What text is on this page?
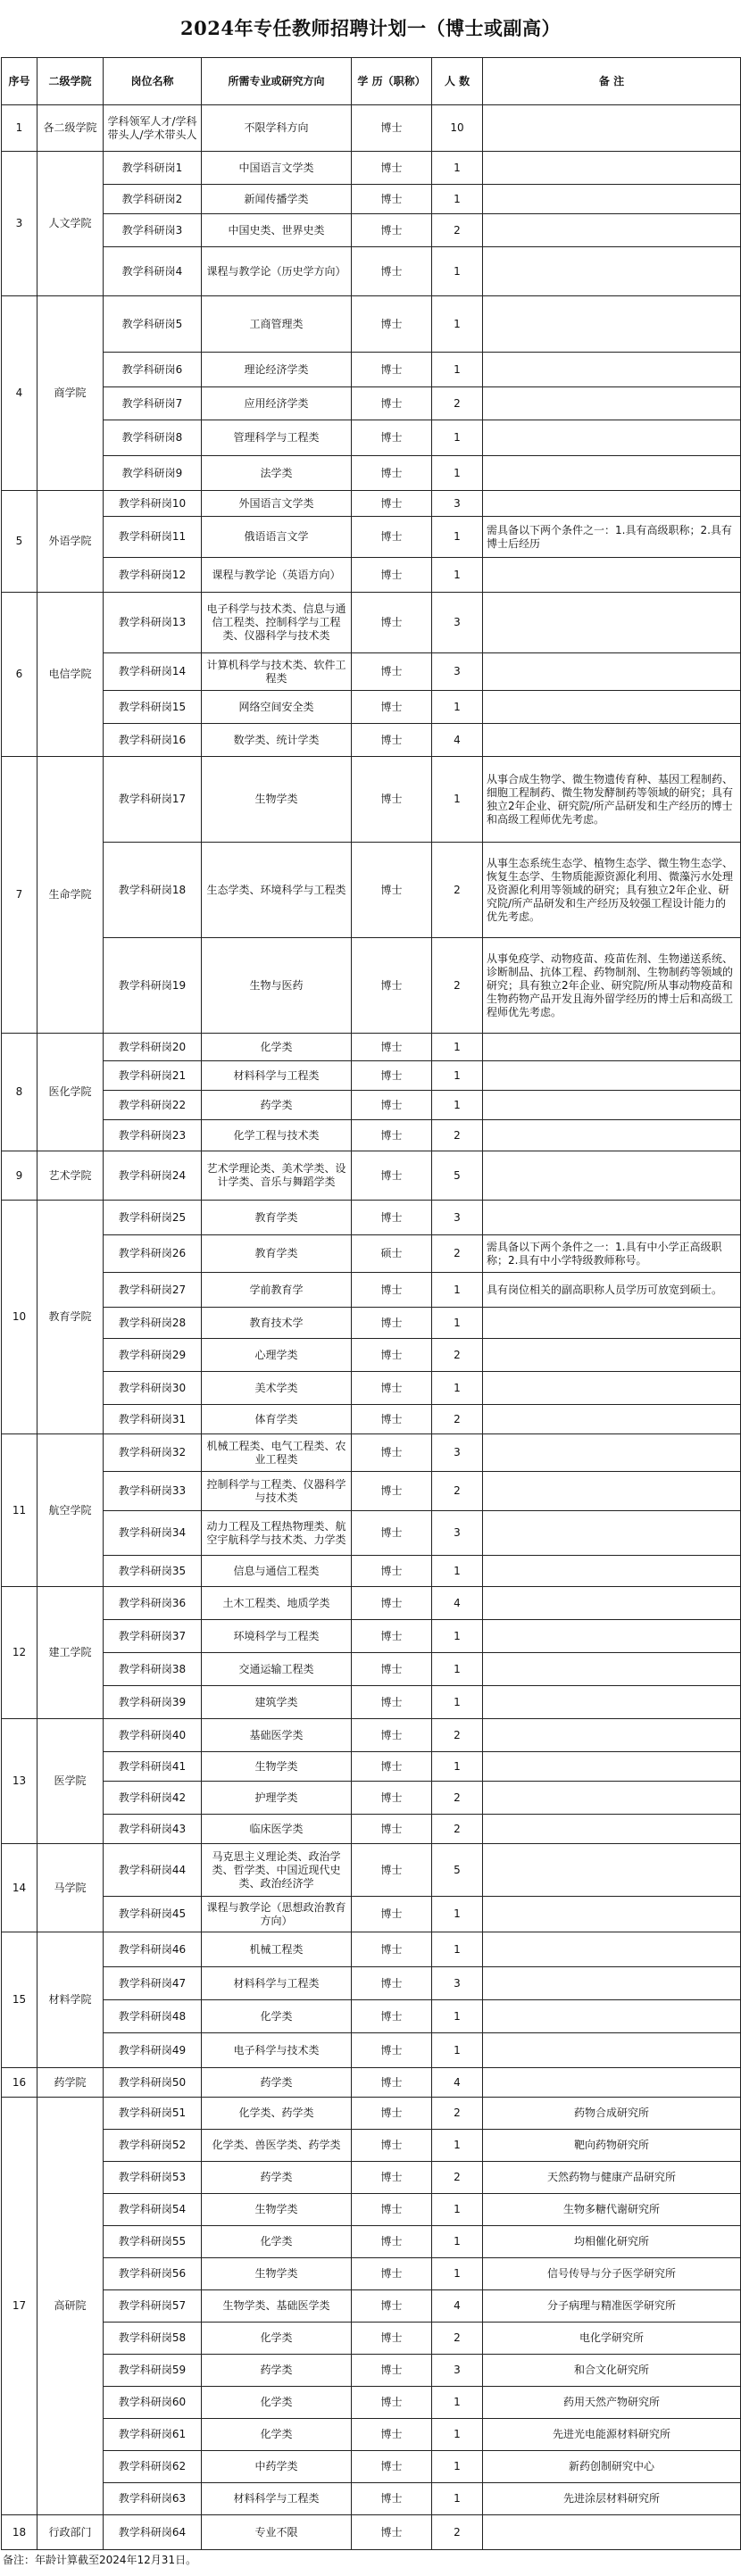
2024年专任教师招聘计划一（博士或副高）
序号	二级学院	岗位名称	所需专业或研究方向	学 历（职称）	人 数	备 注
1	各二级学院	学科领军人才/学科带头人/学术带头人	不限学科方向	博士	10	
3	人文学院	教学科研岗1	中国语言文学类	博士	1	
		教学科研岗2	新闻传播学类	博士	1	
		教学科研岗3	中国史类、世界史类	博士	2	
		教学科研岗4	课程与教学论（历史学方向）	博士	1	
4	商学院	教学科研岗5	工商管理类	博士	1	
		教学科研岗6	理论经济学类	博士	1	
		教学科研岗7	应用经济学类	博士	2	
		教学科研岗8	管理科学与工程类	博士	1	
		教学科研岗9	法学类	博士	1	
5	外语学院	教学科研岗10	外国语言文学类	博士	3	
		教学科研岗11	俄语语言文学	博士	1	需具备以下两个条件之一：1.具有高级职称；2.具有博士后经历
		教学科研岗12	课程与教学论（英语方向）	博士	1	
6	电信学院	教学科研岗13	电子科学与技术类、信息与通信工程类、控制科学与工程类、仪器科学与技术类	博士	3	
		教学科研岗14	计算机科学与技术类、软件工程类	博士	3	
		教学科研岗15	网络空间安全类	博士	1	
		教学科研岗16	数学类、统计学类	博士	4	
7	生命学院	教学科研岗17	生物学类	博士	1	从事合成生物学、微生物遗传育种、基因工程制药、细胞工程制药、微生物发酵制药等领域的研究；具有独立2年企业、研究院/所产品研发和生产经历的博士和高级工程师优先考虑。
		教学科研岗18	生态学类、环境科学与工程类	博士	2	从事生态系统生态学、植物生态学、微生物生态学、恢复生态学、生物质能源资源化利用、微藻污水处理及资源化利用等领域的研究；具有独立2年企业、研究院/所产品研发和生产经历及较强工程设计能力的优先考虑。
		教学科研岗19	生物与医药	博士	2	从事免疫学、动物疫苗、疫苗佐剂、生物递送系统、诊断制品、抗体工程、药物制剂、生物制药等领域的研究；具有独立2年企业、研究院/所从事动物疫苗和生物药物产品开发且海外留学经历的博士后和高级工程师优先考虑。
8	医化学院	教学科研岗20	化学类	博士	1	
		教学科研岗21	材料科学与工程类	博士	1	
		教学科研岗22	药学类	博士	1	
		教学科研岗23	化学工程与技术类	博士	2	
9	艺术学院	教学科研岗24	艺术学理论类、美术学类、设计学类、音乐与舞蹈学类	博士	5	
10	教育学院	教学科研岗25	教育学类	博士	3	
		教学科研岗26	教育学类	硕士	2	需具备以下两个条件之一：1.具有中小学正高级职称；2.具有中小学特级教师称号。
		教学科研岗27	学前教育学	博士	1	具有岗位相关的副高职称人员学历可放宽到硕士。
		教学科研岗28	教育技术学	博士	1	
		教学科研岗29	心理学类	博士	2	
		教学科研岗30	美术学类	博士	1	
		教学科研岗31	体育学类	博士	2	
11	航空学院	教学科研岗32	机械工程类、电气工程类、农业工程类	博士	3	
		教学科研岗33	控制科学与工程类、仪器科学与技术类	博士	2	
		教学科研岗34	动力工程及工程热物理类、航空宇航科学与技术类、力学类	博士	3	
		教学科研岗35	信息与通信工程类	博士	1	
12	建工学院	教学科研岗36	土木工程类、地质学类	博士	4	
		教学科研岗37	环境科学与工程类	博士	1	
		教学科研岗38	交通运输工程类	博士	1	
		教学科研岗39	建筑学类	博士	1	
13	医学院	教学科研岗40	基础医学类	博士	2	
		教学科研岗41	生物学类	博士	1	
		教学科研岗42	护理学类	博士	2	
		教学科研岗43	临床医学类	博士	2	
14	马学院	教学科研岗44	马克思主义理论类、政治学类、哲学类、中国近现代史类、政治经济学	博士	5	
		教学科研岗45	课程与教学论（思想政治教育方向）	博士	1	
15	材料学院	教学科研岗46	机械工程类	博士	1	
		教学科研岗47	材料科学与工程类	博士	3	
		教学科研岗48	化学类	博士	1	
		教学科研岗49	电子科学与技术类	博士	1	
16	药学院	教学科研岗50	药学类	博士	4	
17	高研院	教学科研岗51	化学类、药学类	博士	2	药物合成研究所
		教学科研岗52	化学类、兽医学类、药学类	博士	1	靶向药物研究所
		教学科研岗53	药学类	博士	2	天然药物与健康产品研究所
		教学科研岗54	生物学类	博士	1	生物多糖代谢研究所
		教学科研岗55	化学类	博士	1	均相催化研究所
		教学科研岗56	生物学类	博士	1	信号传导与分子医学研究所
		教学科研岗57	生物学类、基础医学类	博士	4	分子病理与精准医学研究所
		教学科研岗58	化学类	博士	2	电化学研究所
		教学科研岗59	药学类	博士	3	和合文化研究所
		教学科研岗60	化学类	博士	1	药用天然产物研究所
		教学科研岗61	化学类	博士	1	先进光电能源材料研究所
		教学科研岗62	中药学类	博士	1	新药创制研究中心
		教学科研岗63	材料科学与工程类	博士	1	先进涂层材料研究所
18	行政部门	教学科研岗64	专业不限	博士	2	
备注：年龄计算截至2024年12月31日。
